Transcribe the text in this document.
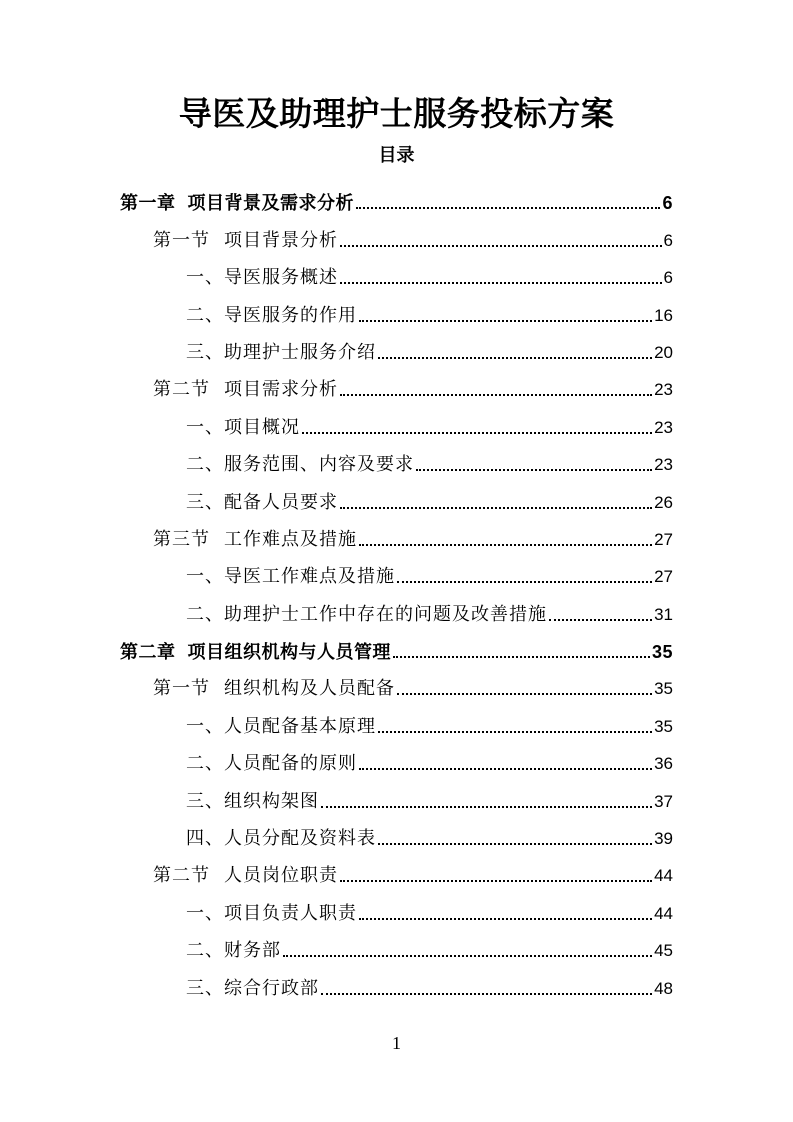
导医及助理护士服务投标方案
目录
第一章 项目背景及需求分析	6
第一节 项目背景分析	6
一、 导医服务概述	6
二、 导医服务的作用	16
三、 助理护士服务介绍	20
第二节 项目需求分析	23
一、 项目概况	23
二、 服务范围、内容及要求	23
三、 配备人员要求	26
第三节 工作难点及措施	27
一、 导医工作难点及措施	27
二、 助理护士工作中存在的问题及改善措施	31
第二章 项目组织机构与人员管理	35
第一节 组织机构及人员配备	35
一、 人员配备基本原理	35
二、 人员配备的原则	36
三、 组织构架图	37
四、 人员分配及资料表	39
第二节 人员岗位职责	44
一、 项目负责人职责	44
二、 财务部	45
三、 综合行政部	48
1
